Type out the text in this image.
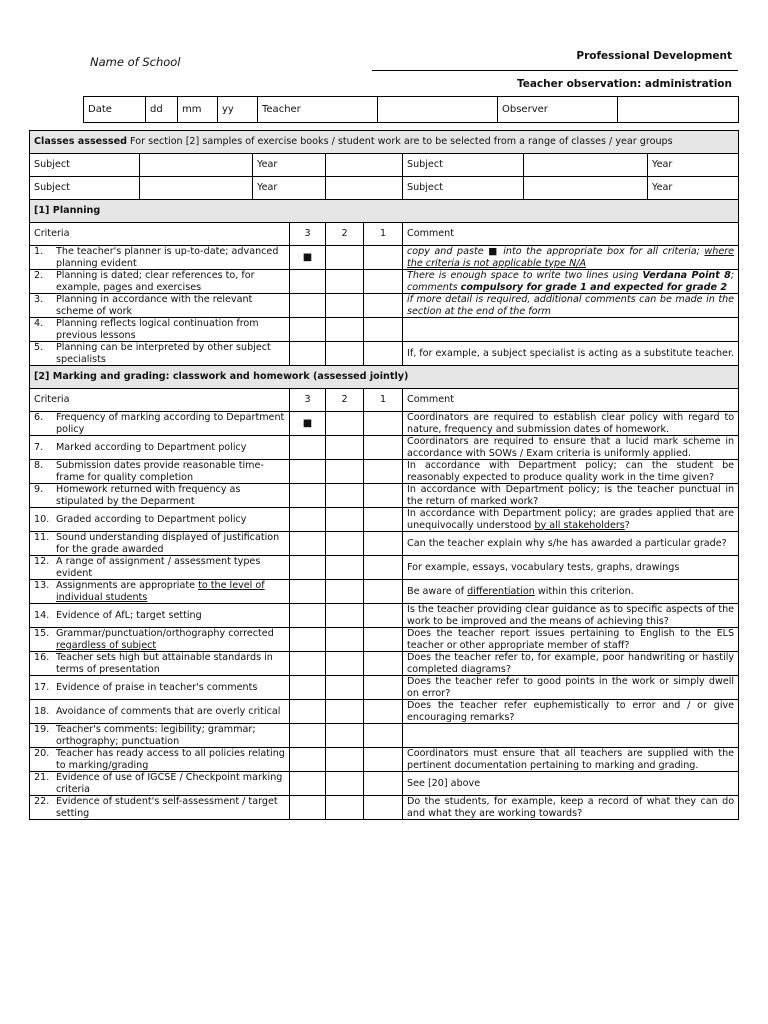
Name of School	Professional Development
Teacher observation: administration
Date	dd	mm	yy	Teacher		Observer	
Classes assessed For section [2] samples of exercise books / student work are to be selected from a range of classes / year groups								
Subject		Year				Subject		Year
Subject		Year				Subject		Year
[1] Planning								
Criteria			3	2	1	Comment		

1. The teacher's planner is up-to-date; advanced planning evident			■			copy and paste ■ into the appropriate box for all criteria; where the criteria is not applicable type N/A		

2. Planning is dated; clear references to, for example, pages and exercises						There is enough space to write two lines using Verdana Point 8; comments compulsory for grade 1 and expected for grade 2		

3. Planning in accordance with the relevant scheme of work						if more detail is required, additional comments can be made in the section at the end of the form		

4. Planning reflects logical continuation from previous lessons								

5. Planning can be interpreted by other subject specialists						If, for example, a subject specialist is acting as a substitute teacher.		
[2] Marking and grading: classwork and homework (assessed jointly)								
Criteria			3	2	1	Comment		

6. Frequency of marking according to Department policy			■			Coordinators are required to establish clear policy with regard to nature, frequency and submission dates of homework.		

7. Marked according to Department policy						Coordinators are required to ensure that a lucid mark scheme in accordance with SOWs / Exam criteria is uniformly applied.		

8. Submission dates provide reasonable time-frame for quality completion						In accordance with Department policy; can the student be reasonably expected to produce quality work in the time given?		

9. Homework returned with frequency as stipulated by the Deparment						In accordance with Department policy; is the teacher punctual in the return of marked work?		

10. Graded according to Department policy						In accordance with Department policy; are grades applied that are unequivocally understood by all stakeholders?		

11. Sound understanding displayed of justification for the grade awarded						Can the teacher explain why s/he has awarded a particular grade?		

12. A range of assignment / assessment types evident						For example, essays, vocabulary tests, graphs, drawings		

13. Assignments are appropriate to the level of individual students						Be aware of differentiation within this criterion.		

14. Evidence of AfL; target setting						Is the teacher providing clear guidance as to specific aspects of the work to be improved and the means of achieving this?		

15. Grammar/punctuation/orthography corrected regardless of subject						Does the teacher report issues pertaining to English to the ELS teacher or other appropriate member of staff?		

16. Teacher sets high but attainable standards in terms of presentation						Does the teacher refer to, for example, poor handwriting or hastily completed diagrams?		

17. Evidence of praise in teacher's comments						Does the teacher refer to good points in the work or simply dwell on error?		

18. Avoidance of comments that are overly critical						Does the teacher refer euphemistically to error and / or give encouraging remarks?		

19. Teacher's comments: legibility; grammar; orthography; punctuation								

20. Teacher has ready access to all policies relating to marking/grading						Coordinators must ensure that all teachers are supplied with the pertinent documentation pertaining to marking and grading.		

21. Evidence of use of IGCSE / Checkpoint marking criteria						See [20] above		

22. Evidence of student's self-assessment / target setting						Do the students, for example, keep a record of what they can do and what they are working towards?		
